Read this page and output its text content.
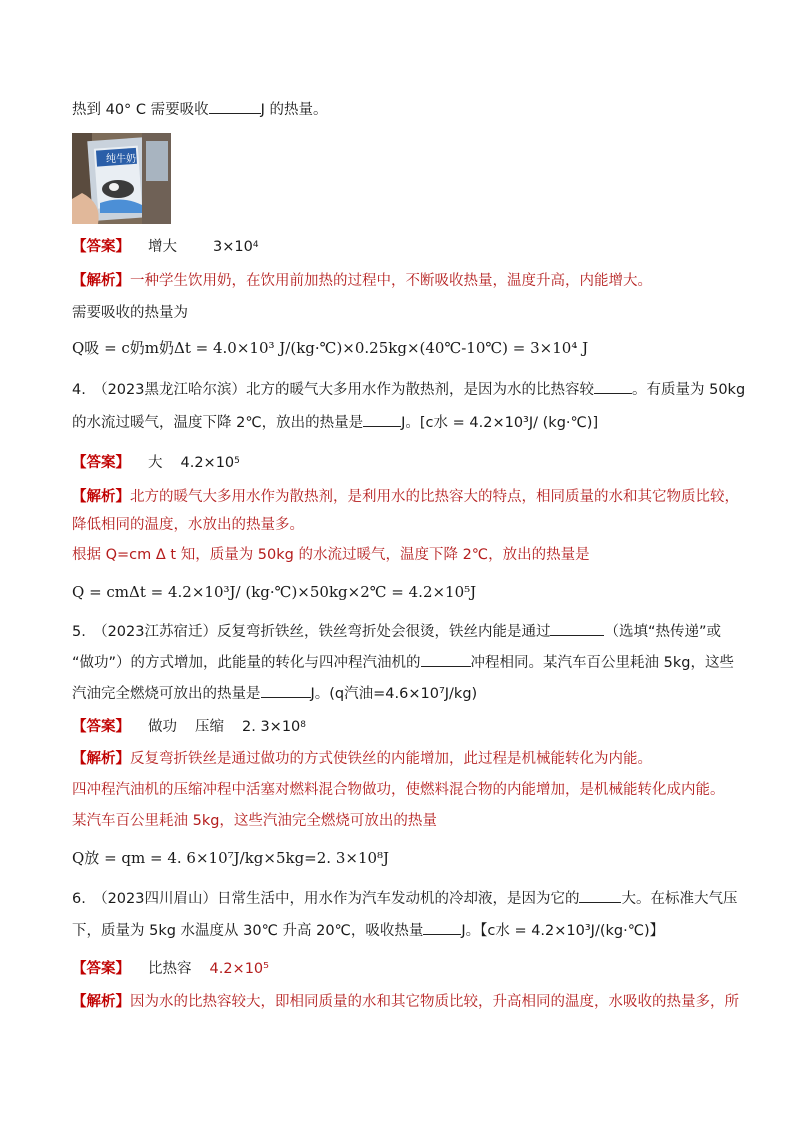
热到 40° C 需要吸收	J 的热量。
纯牛奶
【答案】 增大 $3\times 10^4$
【解析】一种学生饮用奶，在饮用前加热的过程中，不断吸收热量，温度升高，内能增大。
需要吸收的热量为
Q吸 = c奶m奶Δt = 4.0×10³ J/(kg·℃)×0.25kg×(40℃-10℃) = 3×10⁴ J
4.　（2023黑龙江哈尔滨）北方的暖气大多用水作为散热剂，是因为水的比热容较	。有质量为 50kg
的水流过暖气，温度下降 2℃，放出的热量是	J。[c水 = 4.2×10³J/ (kg·℃)]
【答案】 大 $4.2\times 10^5$
【解析】北方的暖气大多用水作为散热剂，是利用水的比热容大的特点，相同质量的水和其它物质比较，
降低相同的温度，水放出的热量多。
根据 Q=cm Δ t 知，质量为 50kg 的水流过暖气，温度下降 2℃，放出的热量是
Q = cmΔt = 4.2×10³J/ (kg·℃)×50kg×2℃ = 4.2×10⁵J
5.　（2023江苏宿迁）反复弯折铁丝，铁丝弯折处会很烫，铁丝内能是通过	（选填“热传递”或
“做功”）的方式增加，此能量的转化与四冲程汽油机的	冲程相同。某汽车百公里耗油 5kg，这些
汽油完全燃烧可放出的热量是	J。(q汽油=4.6×10⁷J/kg)
【答案】 做功 压缩 2. $3\times 10^8$
【解析】反复弯折铁丝是通过做功的方式使铁丝的内能增加，此过程是机械能转化为内能。
四冲程汽油机的压缩冲程中活塞对燃料混合物做功，使燃料混合物的内能增加，是机械能转化成内能。
某汽车百公里耗油 5kg，这些汽油完全燃烧可放出的热量
Q放 = qm = 4. 6×10⁷J/kg×5kg=2. 3×10⁸J
6.　（2023四川眉山）日常生活中，用水作为汽车发动机的冷却液，是因为它的	大。在标准大气压
下，质量为 5kg 水温度从 30℃ 升高 20℃，吸收热量	J。【c水 = 4.2×10³J/(kg·℃)】
【答案】 比热容 4.2×10⁵
【解析】因为水的比热容较大，即相同质量的水和其它物质比较，升高相同的温度，水吸收的热量多，所
